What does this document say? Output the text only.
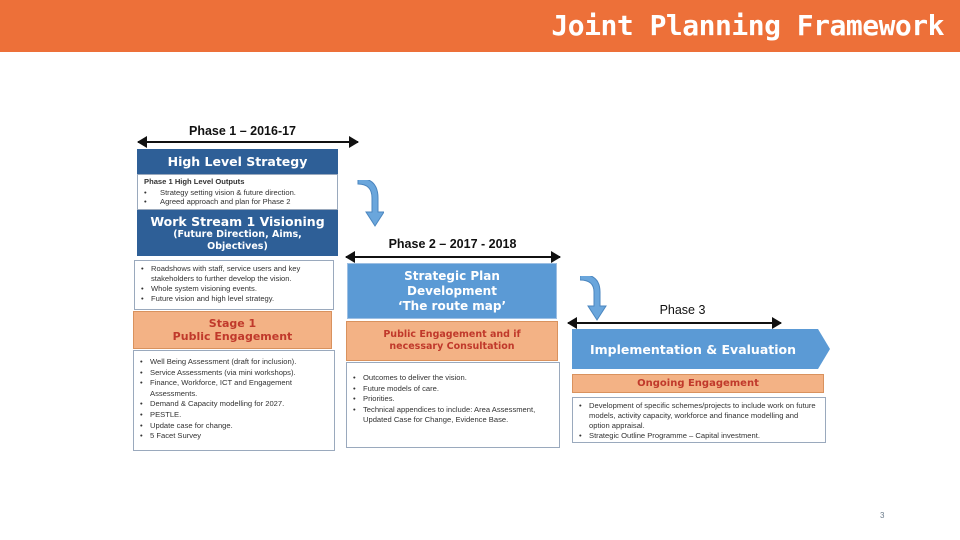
Joint Planning Framework
Phase 1 – 2016-17
High Level Strategy
Phase 1 High Level Outputs
• Strategy setting vision & future direction.
• Agreed approach and plan for Phase 2
Work Stream 1 Visioning
(Future Direction, Aims,
Objectives)
• Roadshows with staff, service users and key stakeholders to further develop the vision.
• Whole system visioning events.
• Future vision and high level strategy.
Stage 1
Public Engagement
• Well Being Assessment (draft for inclusion).
• Service Assessments (via mini workshops).
• Finance, Workforce, ICT and Engagement Assessments.
• Demand & Capacity modelling for 2027.
• PESTLE.
• Update case for change.
• 5 Facet Survey
Phase 2 – 2017 - 2018
Strategic Plan
Development
‘The route map’
Public Engagement and if
necessary Consultation
• Outcomes to deliver the vision.
• Future models of care.
• Priorities.
• Technical appendices to include: Area Assessment, Updated Case for Change, Evidence Base.
Phase 3
Implementation & Evaluation
Ongoing Engagement
• Development of specific schemes/projects to include work on future models, activity capacity, workforce and finance modelling and option appraisal.
• Strategic Outline Programme – Capital investment.
3
